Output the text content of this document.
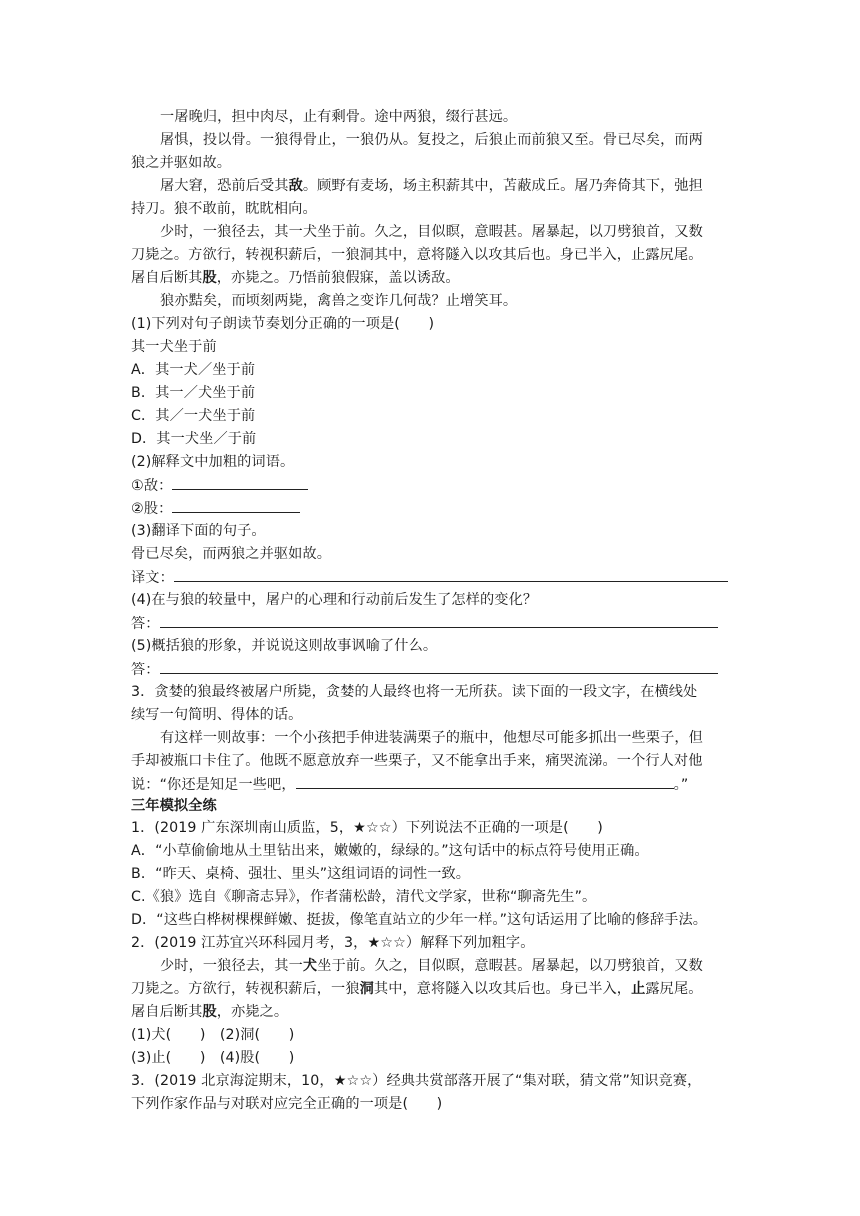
一屠晚归，担中肉尽，止有剩骨。途中两狼，缀行甚远。
屠惧，投以骨。一狼得骨止，一狼仍从。复投之，后狼止而前狼又至。骨已尽矣，而两
狼之并驱如故。
屠大窘，恐前后受其敌。顾野有麦场，场主积薪其中，苫蔽成丘。屠乃奔倚其下，弛担
持刀。狼不敢前，眈眈相向。
少时，一狼径去，其一犬坐于前。久之，目似瞑，意暇甚。屠暴起，以刀劈狼首，又数
刀毙之。方欲行，转视积薪后，一狼洞其中，意将隧入以攻其后也。身已半入，止露尻尾。
屠自后断其股，亦毙之。乃悟前狼假寐，盖以诱敌。
狼亦黠矣，而顷刻两毙，禽兽之变诈几何哉？止增笑耳。
(1)下列对句子朗读节奏划分正确的一项是(　　)
其一犬坐于前
A．其一犬／坐于前
B．其一／犬坐于前
C．其／一犬坐于前
D．其一犬坐／于前
(2)解释文中加粗的词语。
①敌：
②股：
(3)翻译下面的句子。
骨已尽矣，而两狼之并驱如故。
译文：
(4)在与狼的较量中，屠户的心理和行动前后发生了怎样的变化？
答：
(5)概括狼的形象，并说说这则故事讽喻了什么。
答：
3．贪婪的狼最终被屠户所毙，贪婪的人最终也将一无所获。读下面的一段文字，在横线处
续写一句简明、得体的话。
有这样一则故事：一个小孩把手伸进装满栗子的瓶中，他想尽可能多抓出一些栗子，但
手却被瓶口卡住了。他既不愿意放弃一些栗子，又不能拿出手来，痛哭流涕。一个行人对他
说：“你还是知足一些吧，	。”
三年模拟全练
1．(2019 广东深圳南山质监，5，★☆☆）下列说法不正确的一项是(　　)
A．“小草偷偷地从土里钻出来，嫩嫩的，绿绿的。”这句话中的标点符号使用正确。
B．“昨天、桌椅、强壮、里头”这组词语的词性一致。
C.《狼》选自《聊斋志异》，作者蒲松龄，清代文学家，世称“聊斋先生”。
D．“这些白桦树棵棵鲜嫩、挺拔，像笔直站立的少年一样。”这句话运用了比喻的修辞手法。
2．(2019 江苏宜兴环科园月考，3，★☆☆）解释下列加粗字。
少时，一狼径去，其一犬坐于前。久之，目似瞑，意暇甚。屠暴起，以刀劈狼首，又数
刀毙之。方欲行，转视积薪后，一狼洞其中，意将隧入以攻其后也。身已半入，止露尻尾。
屠自后断其股，亦毙之。
(1)犬(　　)　(2)洞(　　)
(3)止(　　)　(4)股(　　)
3．(2019 北京海淀期末，10，★☆☆）经典共赏部落开展了“集对联，猜文常”知识竞赛，
下列作家作品与对联对应完全正确的一项是(　　)
